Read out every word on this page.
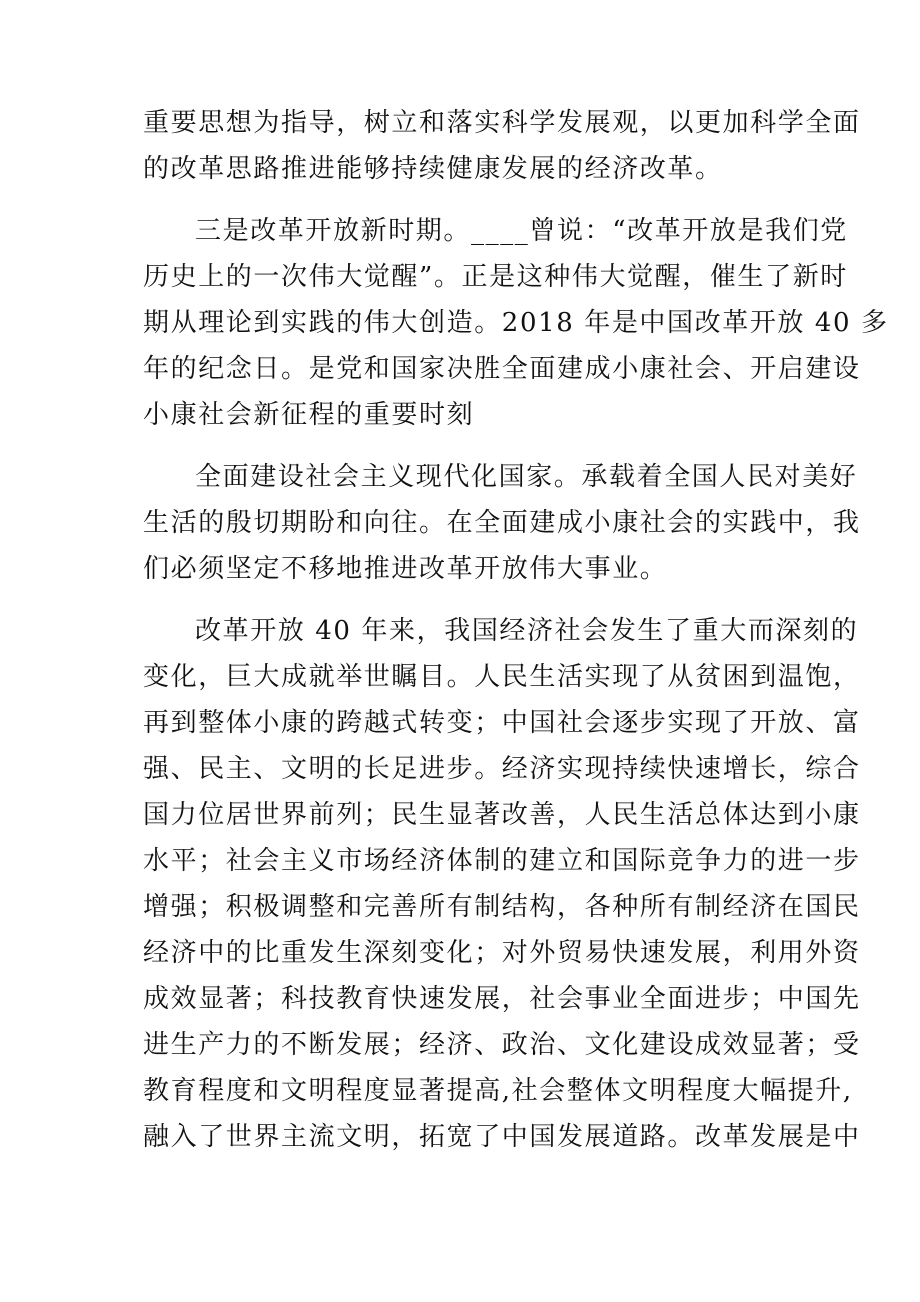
重要思想为指导，树立和落实科学发展观，以更加科学全面
的改革思路推进能够持续健康发展的经济改革。
三是改革开放新时期。____曾说：“改革开放是我们党
历史上的一次伟大觉醒”。正是这种伟大觉醒，催生了新时
期从理论到实践的伟大创造。2018 年是中国改革开放 40 多
年的纪念日。是党和国家决胜全面建成小康社会、开启建设
小康社会新征程的重要时刻
全面建设社会主义现代化国家。承载着全国人民对美好
生活的殷切期盼和向往。在全面建成小康社会的实践中，我
们必须坚定不移地推进改革开放伟大事业。
改革开放 40 年来，我国经济社会发生了重大而深刻的
变化，巨大成就举世瞩目。人民生活实现了从贫困到温饱，
再到整体小康的跨越式转变；中国社会逐步实现了开放、富
强、民主、文明的长足进步。经济实现持续快速增长，综合
国力位居世界前列；民生显著改善，人民生活总体达到小康
水平；社会主义市场经济体制的建立和国际竞争力的进一步
增强；积极调整和完善所有制结构，各种所有制经济在国民
经济中的比重发生深刻变化；对外贸易快速发展，利用外资
成效显著；科技教育快速发展，社会事业全面进步；中国先
进生产力的不断发展；经济、政治、文化建设成效显著；受
教育程度和文明程度显著提高,社会整体文明程度大幅提升,
融入了世界主流文明，拓宽了中国发展道路。改革发展是中
